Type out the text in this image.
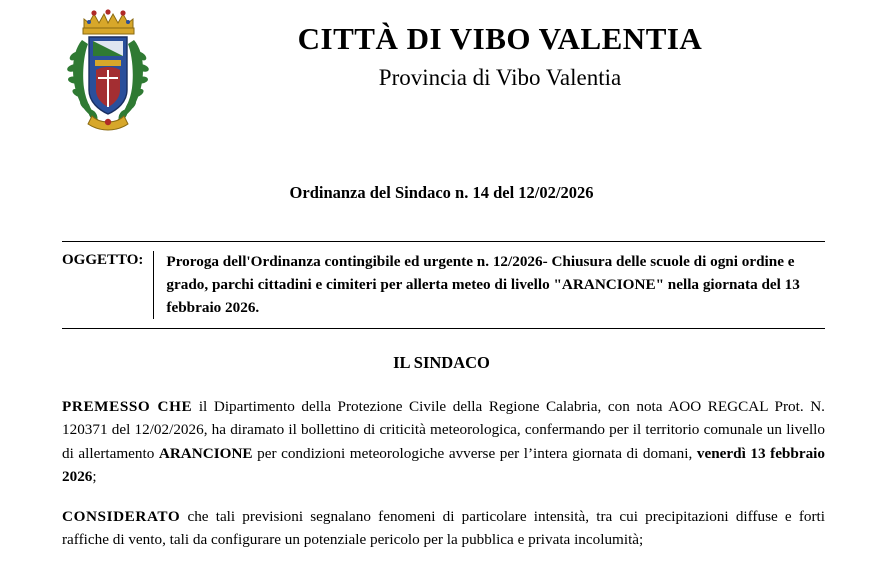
CITTÀ DI VIBO VALENTIA
Provincia di Vibo Valentia
Ordinanza del Sindaco n. 14 del 12/02/2026
OGGETTO:	Proroga dell'Ordinanza contingibile ed urgente n. 12/2026- Chiusura delle scuole di ogni ordine e grado, parchi cittadini e cimiteri per allerta meteo di livello "ARANCIONE" nella giornata del 13 febbraio 2026.
IL SINDACO

PREMESSO CHE il Dipartimento della Protezione Civile della Regione Calabria, con nota AOO REGCAL Prot. N. 120371 del 12/02/2026, ha diramato il bollettino di criticità meteorologica, confermando per il territorio comunale un livello di allertamento ARANCIONE per condizioni meteorologiche avverse per l’intera giornata di domani, venerdì 13 febbraio 2026;

CONSIDERATO che tali previsioni segnalano fenomeni di particolare intensità, tra cui precipitazioni diffuse e forti raffiche di vento, tali da configurare un potenziale pericolo per la pubblica e privata incolumità;
